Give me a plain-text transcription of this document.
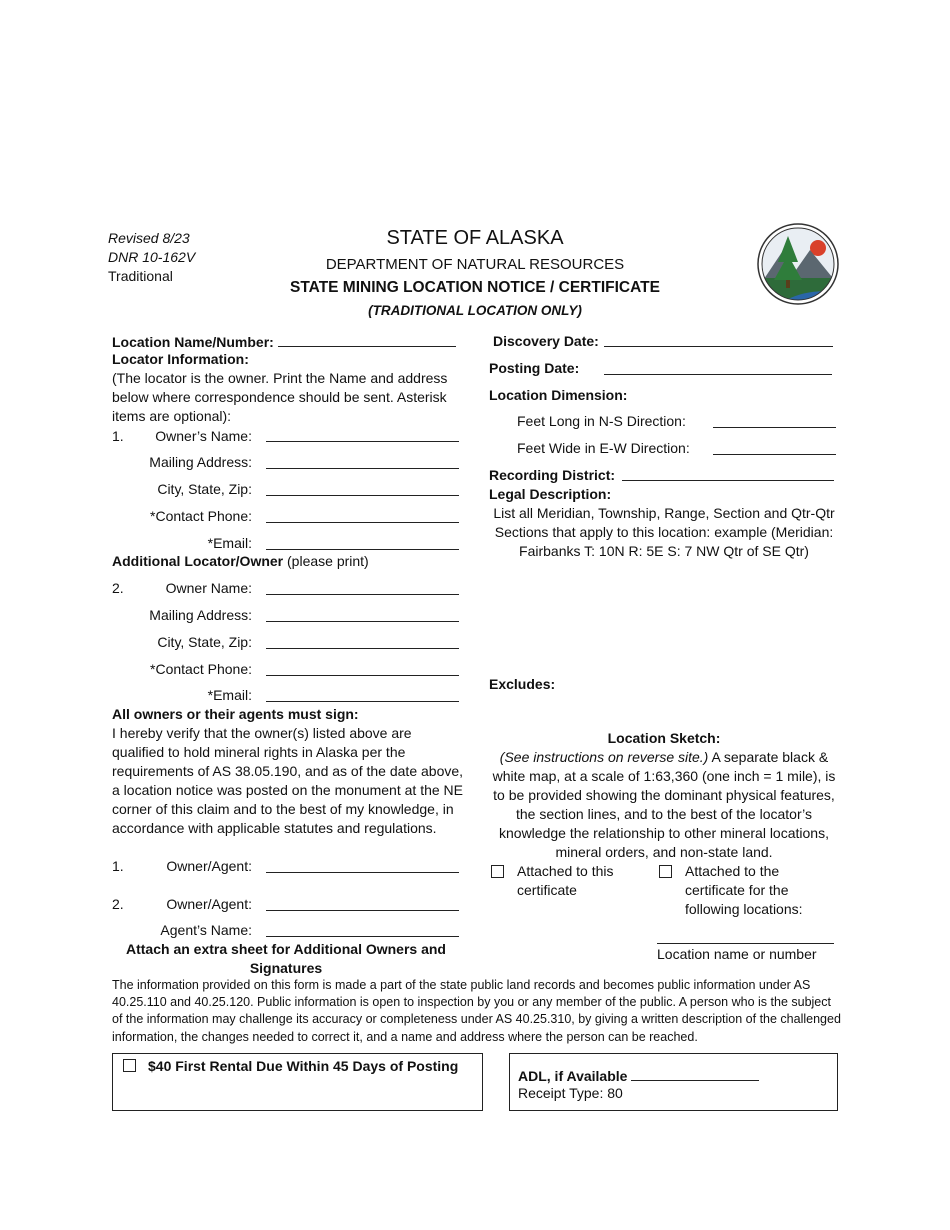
Revised 8/23
DNR 10-162V
Traditional
STATE OF ALASKA
DEPARTMENT OF NATURAL RESOURCES
STATE MINING LOCATION NOTICE / CERTIFICATE
(TRADITIONAL LOCATION ONLY)
Location Name/Number:
Locator Information:
(The locator is the owner. Print the Name and address below where correspondence should be sent. Asterisk items are optional):
1.	Owner’s Name:
Mailing Address:
City, State, Zip:
*Contact Phone:
*Email:
Additional Locator/Owner (please print)
2.	Owner Name:
Mailing Address:
City, State, Zip:
*Contact Phone:
*Email:
All owners or their agents must sign:
I hereby verify that the owner(s) listed above are qualified to hold mineral rights in Alaska per the requirements of AS 38.05.190, and as of the date above, a location notice was posted on the monument at the NE corner of this claim and to the best of my knowledge, in accordance with applicable statutes and regulations.
1.	Owner/Agent:
2.	Owner/Agent:
Agent’s Name:
Attach an extra sheet for Additional Owners and Signatures
Discovery Date:
Posting Date:
Location Dimension:
Feet Long in N-S Direction:
Feet Wide in E-W Direction:
Recording District:
Legal Description:
List all Meridian, Township, Range, Section and Qtr-Qtr Sections that apply to this location: example (Meridian: Fairbanks T: 10N R: 5E S: 7 NW Qtr of SE Qtr)
Excludes:
Location Sketch:
(See instructions on reverse site.) A separate black & white map, at a scale of 1:63,360 (one inch = 1 mile), is to be provided showing the dominant physical features, the section lines, and to the best of the locator’s knowledge the relationship to other mineral locations, mineral orders, and non-state land.
Attached to this certificate
Attached to the certificate for the following locations:
Location name or number
The information provided on this form is made a part of the state public land records and becomes public information under AS 40.25.110 and 40.25.120. Public information is open to inspection by you or any member of the public. A person who is the subject of the information may challenge its accuracy or completeness under AS 40.25.310, by giving a written description of the challenged information, the changes needed to correct it, and a name and address where the person can be reached.
$40 First Rental Due Within 45 Days of Posting
ADL, if Available
Receipt Type: 80
